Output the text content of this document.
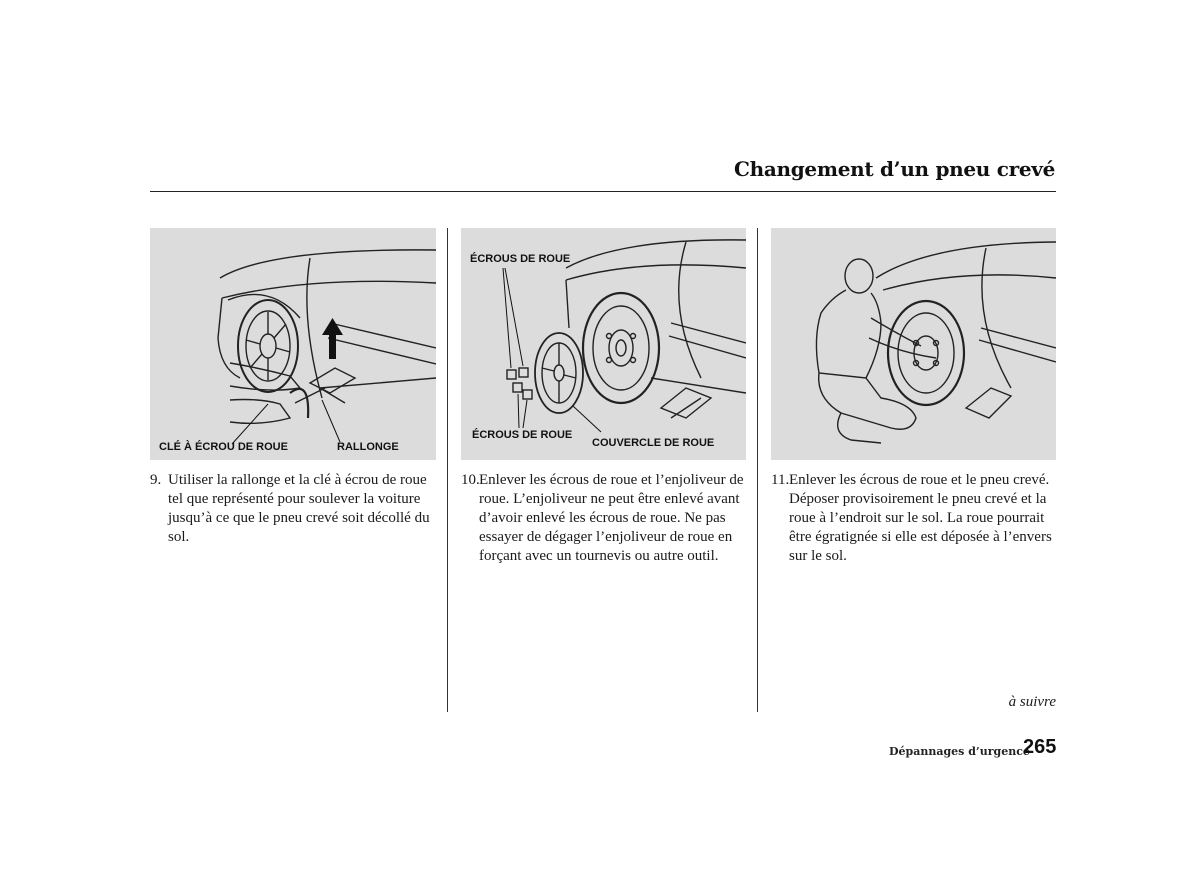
Changement d’un pneu crevé
CLÉ À ÉCROU DE ROUE	RALLONGE
ÉCROUS DE ROUE
ÉCROUS DE ROUE
COUVERCLE DE ROUE
9. Utiliser la rallonge et la clé à écrou de roue tel que représenté pour soulever la voiture jusqu’à ce que le pneu crevé soit décollé du sol.
10. Enlever les écrous de roue et l’enjoliveur de roue. L’enjoliveur ne peut être enlevé avant d’avoir enlevé les écrous de roue. Ne pas essayer de dégager l’enjoliveur de roue en forçant avec un tournevis ou autre outil.
11. Enlever les écrous de roue et le pneu crevé. Déposer provisoirement le pneu crevé et la roue à l’endroit sur le sol. La roue pourrait être égratignée si elle est déposée à l’envers sur le sol.
à suivre
Dépannages d’urgence
265
